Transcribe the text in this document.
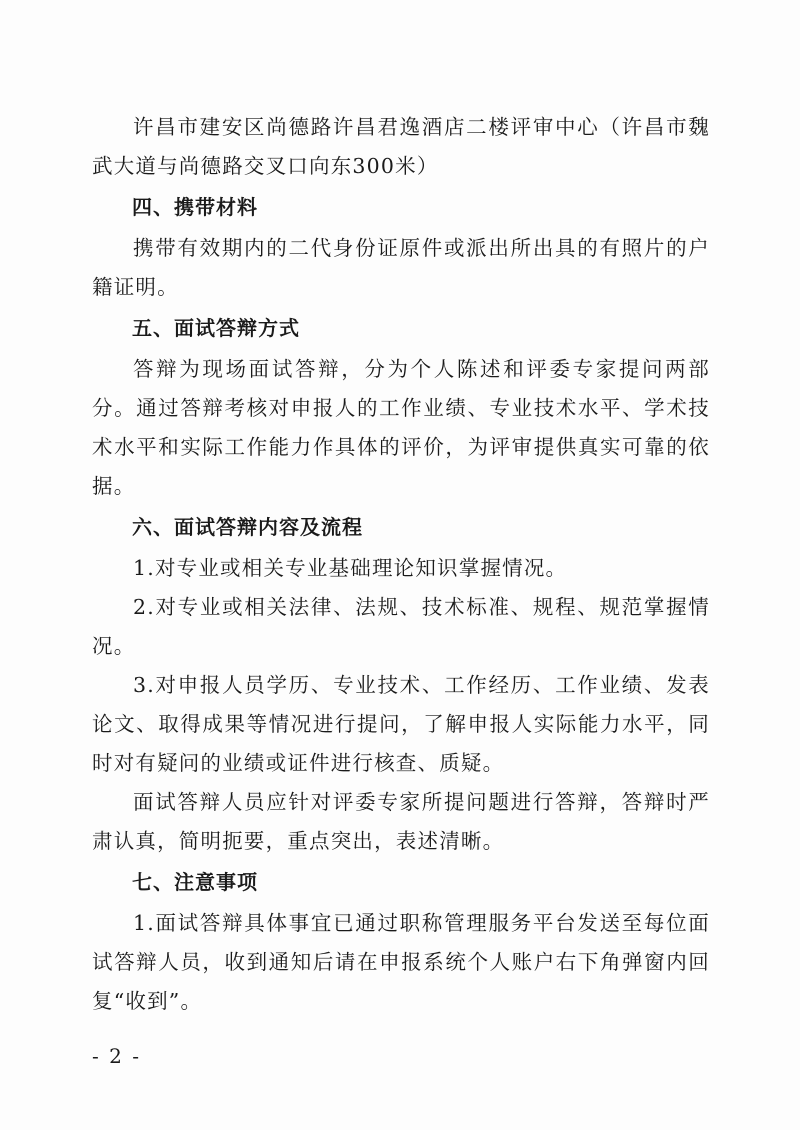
许昌市建安区尚德路许昌君逸酒店二楼评审中心（许昌市魏武大道与尚德路交叉口向东300米）

四、携带材料

携带有效期内的二代身份证原件或派出所出具的有照片的户籍证明。

五、面试答辩方式

答辩为现场面试答辩，分为个人陈述和评委专家提问两部分。通过答辩考核对申报人的工作业绩、专业技术水平、学术技术水平和实际工作能力作具体的评价，为评审提供真实可靠的依据。

六、面试答辩内容及流程

1.对专业或相关专业基础理论知识掌握情况。

2.对专业或相关法律、法规、技术标准、规程、规范掌握情况。

3.对申报人员学历、专业技术、工作经历、工作业绩、发表论文、取得成果等情况进行提问，了解申报人实际能力水平，同时对有疑问的业绩或证件进行核查、质疑。

面试答辩人员应针对评委专家所提问题进行答辩，答辩时严肃认真，简明扼要，重点突出，表述清晰。

七、注意事项

1.面试答辩具体事宜已通过职称管理服务平台发送至每位面试答辩人员，收到通知后请在申报系统个人账户右下角弹窗内回复“收到”。

- 2 -
